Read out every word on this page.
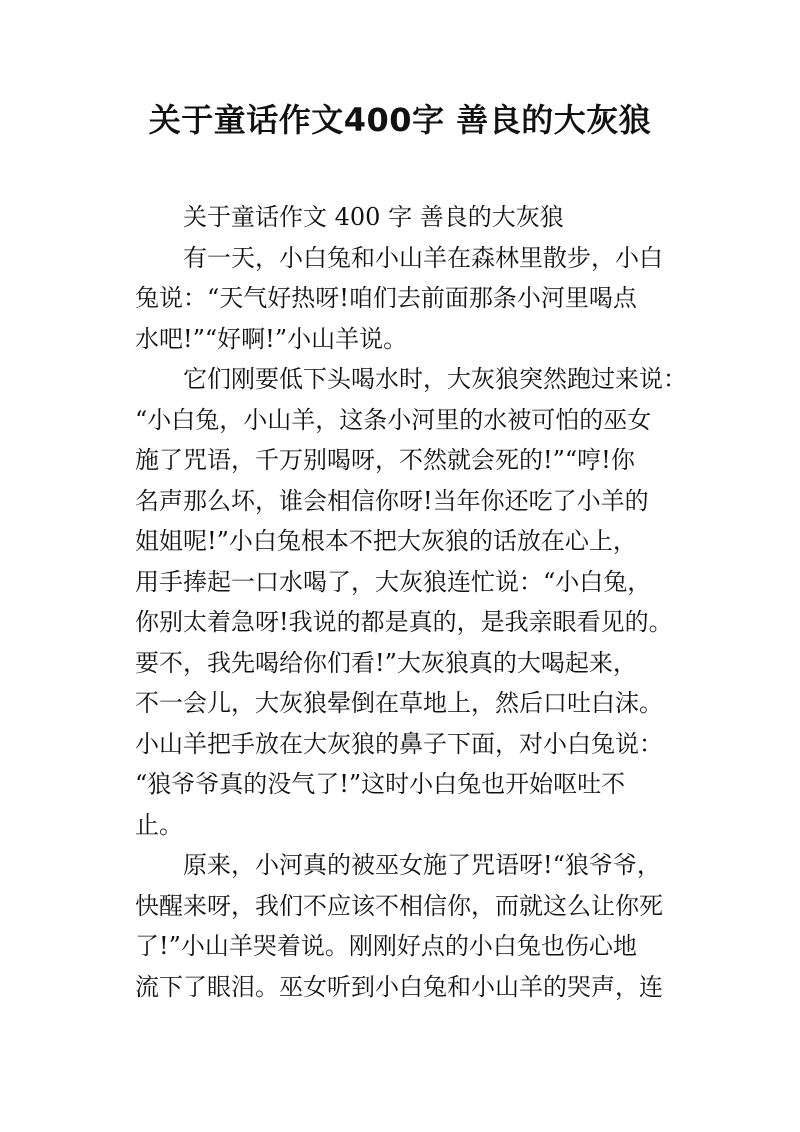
关于童话作文400字 善良的大灰狼
关于童话作文 400 字 善良的大灰狼
有一天，小白兔和小山羊在森林里散步，小白
兔说：“天气好热呀!咱们去前面那条小河里喝点
水吧!”“好啊!”小山羊说。
它们刚要低下头喝水时，大灰狼突然跑过来说：
“小白兔，小山羊，这条小河里的水被可怕的巫女
施了咒语，千万别喝呀，不然就会死的!”“哼!你
名声那么坏，谁会相信你呀!当年你还吃了小羊的
姐姐呢!”小白兔根本不把大灰狼的话放在心上，
用手捧起一口水喝了，大灰狼连忙说：“小白兔，
你别太着急呀!我说的都是真的，是我亲眼看见的。
要不，我先喝给你们看!”大灰狼真的大喝起来，
不一会儿，大灰狼晕倒在草地上，然后口吐白沫。
小山羊把手放在大灰狼的鼻子下面，对小白兔说：
“狼爷爷真的没气了!”这时小白兔也开始呕吐不
止。
原来，小河真的被巫女施了咒语呀!“狼爷爷，
快醒来呀，我们不应该不相信你，而就这么让你死
了!”小山羊哭着说。刚刚好点的小白兔也伤心地
流下了眼泪。巫女听到小白兔和小山羊的哭声，连
